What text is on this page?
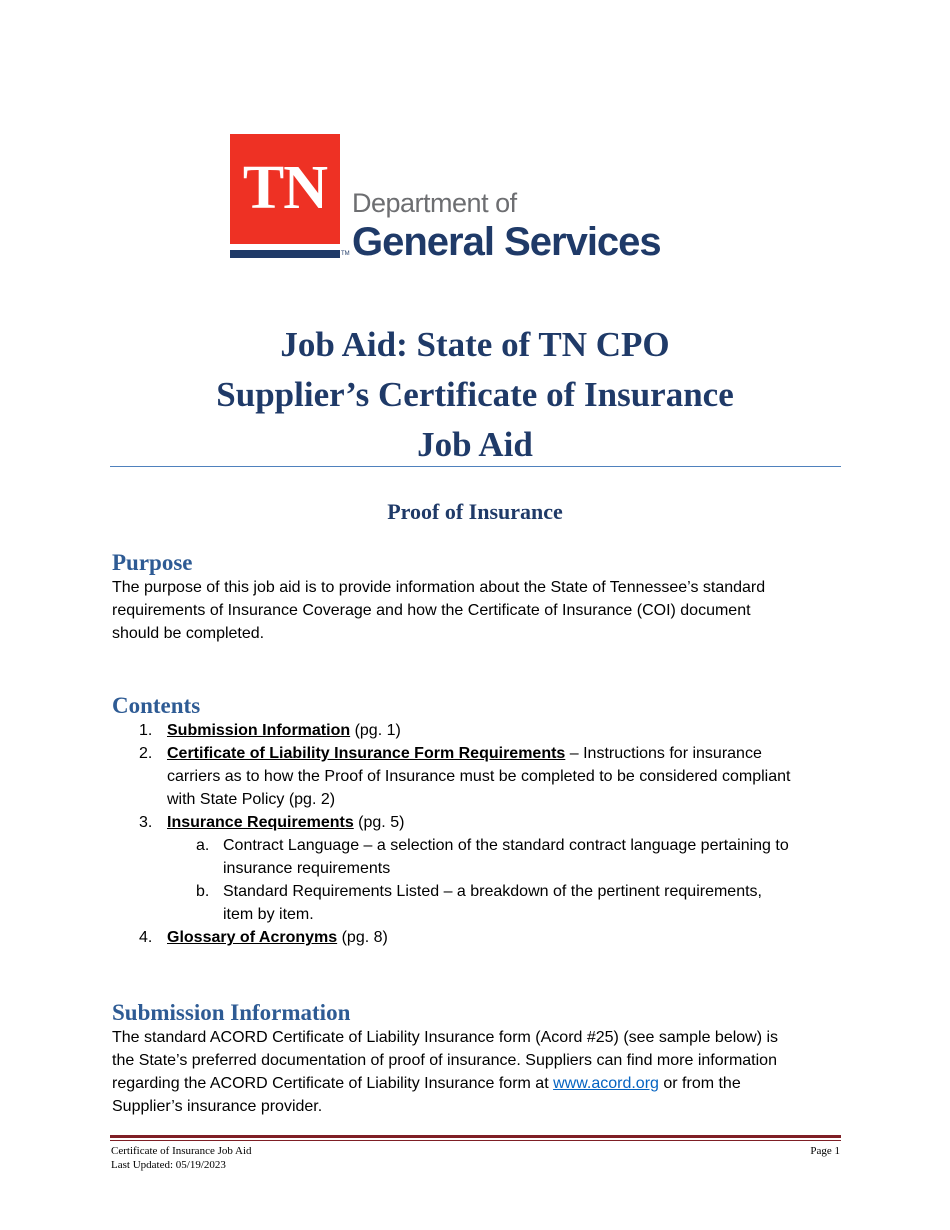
TN
TM
Department of
General Services
Job Aid: State of TN CPO
Supplier’s Certificate of Insurance
Job Aid
Proof of Insurance
Purpose
The purpose of this job aid is to provide information about the State of Tennessee’s standard
requirements of Insurance Coverage and how the Certificate of Insurance (COI) document
should be completed.
Contents
1. Submission Information (pg. 1)
2. Certificate of Liability Insurance Form Requirements – Instructions for insurance
carriers as to how the Proof of Insurance must be completed to be considered compliant
with State Policy (pg. 2)
3. Insurance Requirements (pg. 5)
a. Contract Language – a selection of the standard contract language pertaining to
insurance requirements
b. Standard Requirements Listed – a breakdown of the pertinent requirements,
item by item.
4. Glossary of Acronyms (pg. 8)
Submission Information
The standard ACORD Certificate of Liability Insurance form (Acord #25) (see sample below) is
the State’s preferred documentation of proof of insurance. Suppliers can find more information
regarding the ACORD Certificate of Liability Insurance form at www.acord.org or from the
Supplier’s insurance provider.
Certificate of Insurance Job Aid
Last Updated: 05/19/2023
Page 1
